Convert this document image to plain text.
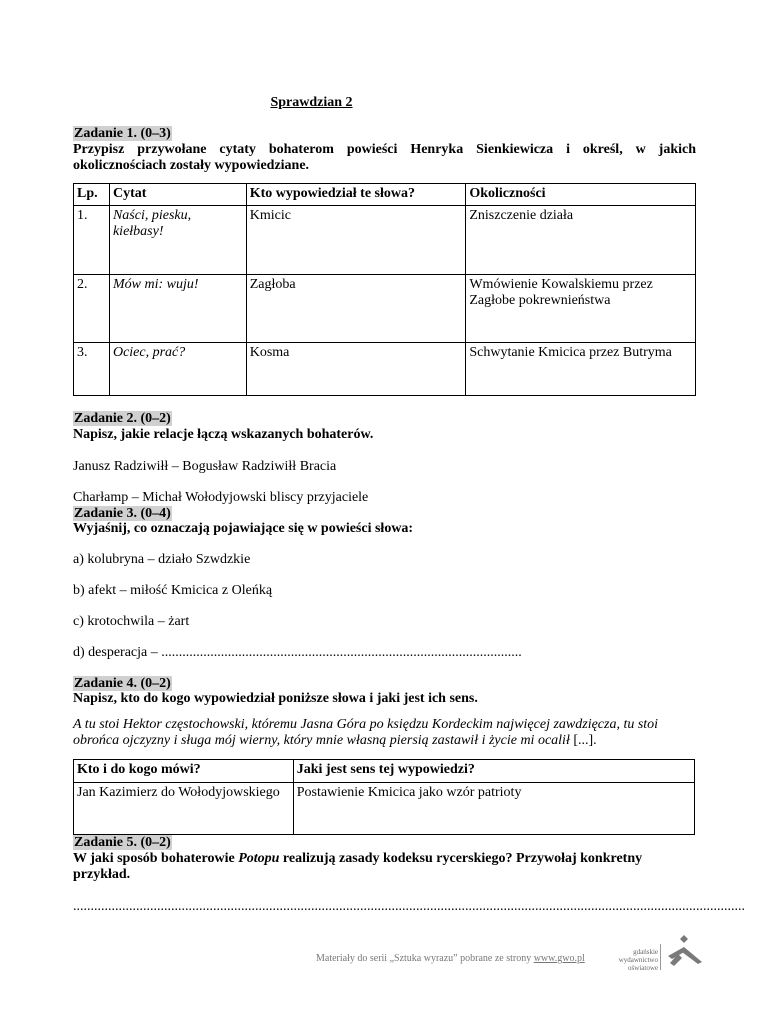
Sprawdzian 2
Zadanie 1. (0–3)
Przypisz przywołane cytaty bohaterom powieści Henryka Sienkiewicza i określ, w jakich okolicznościach zostały wypowiedziane.
Lp.	Cytat	Kto wypowiedział te słowa?	Okoliczności
1.	Naści, piesku, kiełbasy!	Kmicic	Zniszczenie działa
2.	Mów mi: wuju!	Zagłoba	Wmówienie Kowalskiemu przez Zagłobe pokrewnieństwa
3.	Ociec, prać?	Kosma	Schwytanie Kmicica przez Butryma
Zadanie 2. (0–2)
Napisz, jakie relacje łączą wskazanych bohaterów.
Janusz Radziwiłł – Bogusław Radziwiłł Bracia
Charłamp – Michał Wołodyjowski bliscy przyjaciele
Zadanie 3. (0–4)
Wyjaśnij, co oznaczają pojawiające się w powieści słowa:
a) kolubryna – działo Szwdzkie
b) afekt – miłość Kmicica z Oleńką
c) krotochwila – żart
d) desperacja – .......................................................................................................
Zadanie 4. (0–2)
Napisz, kto do kogo wypowiedział poniższe słowa i jaki jest ich sens.
A tu stoi Hektor częstochowski, któremu Jasna Góra po księdzu Kordeckim najwięcej zawdzięcza, tu stoi obrońca ojczyzny i sługa mój wierny, który mnie własną piersią zastawił i życie mi ocalił [...].
Kto i do kogo mówi?	Jaki jest sens tej wypowiedzi?
Jan Kazimierz do Wołodyjowskiego	Postawienie Kmicica jako wzór patrioty
Zadanie 5. (0–2)
W jaki sposób bohaterowie Potopu realizują zasady kodeksu rycerskiego? Przywołaj konkretny przykład.
................................................................................................................................................................................................
Materiały do serii „Sztuka wyrazu” pobrane ze strony www.gwo.pl
gdańskie
wydawnictwo
oświatowe
